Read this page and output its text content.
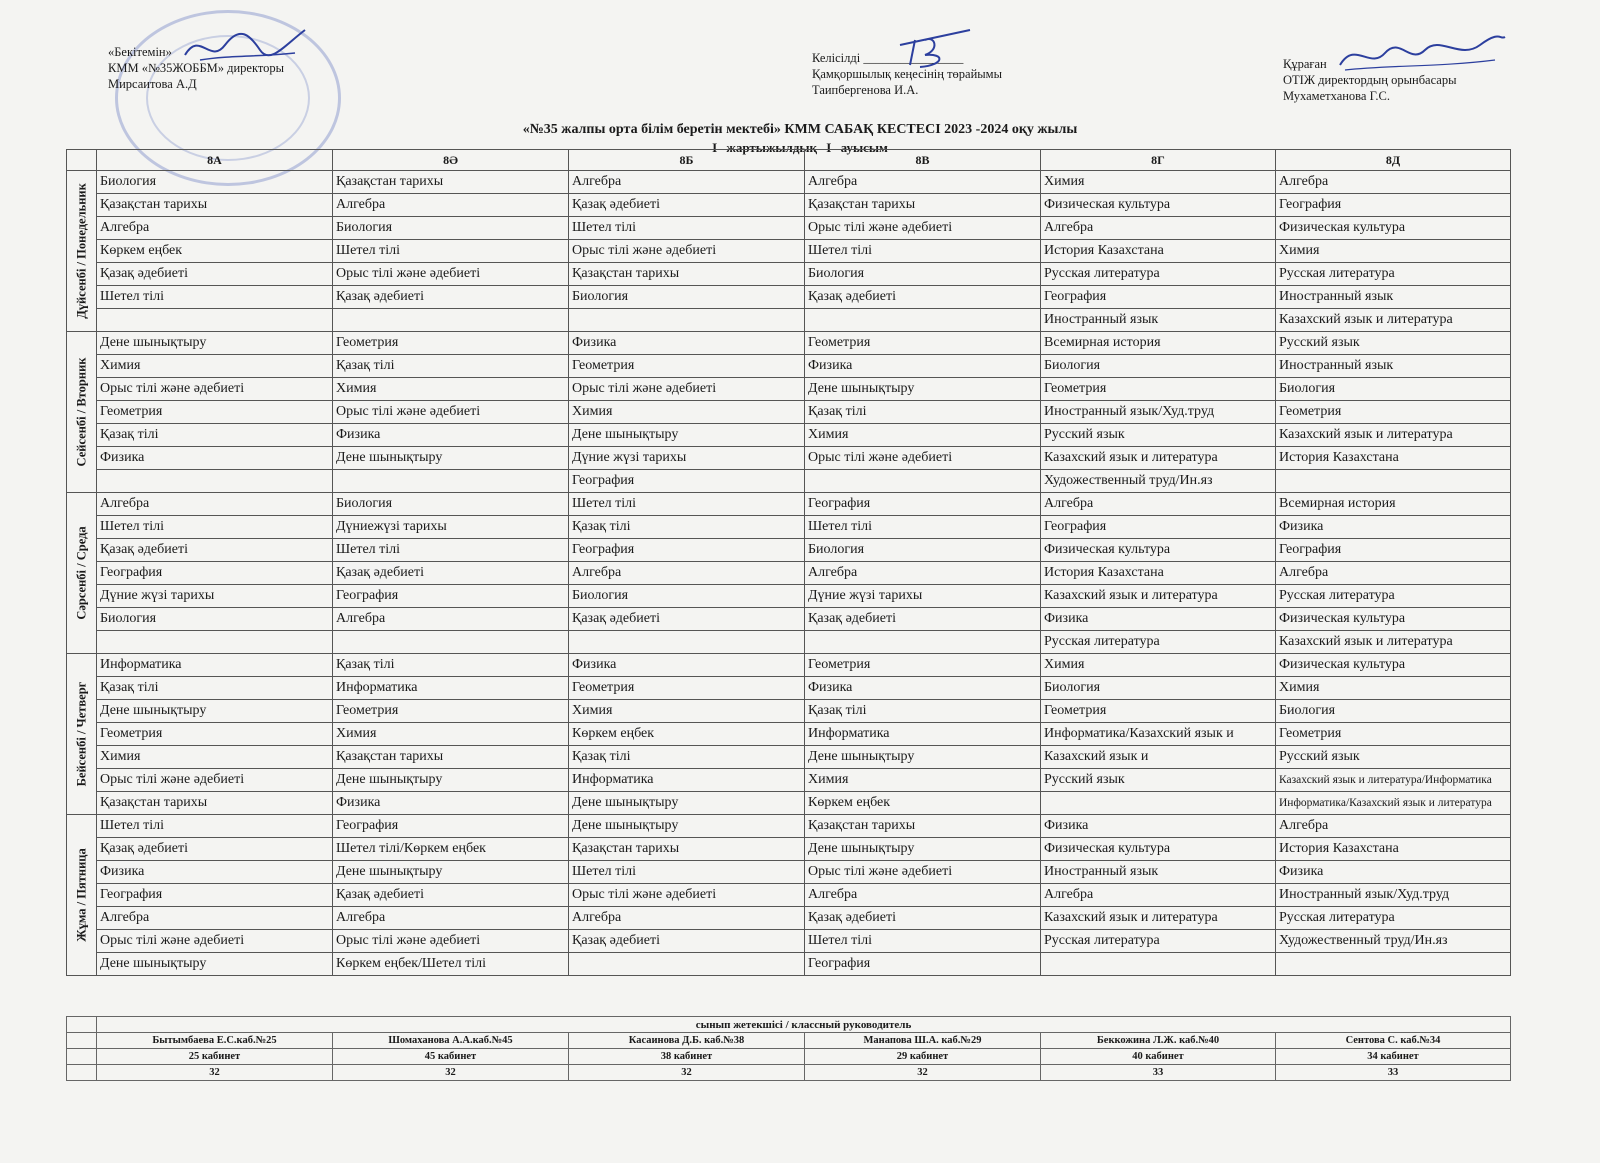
«Бекітемін»
КММ «№35ЖОББМ» директоры
Мирсаитова А.Д
Келісілді ________________
Қамқоршылық кеңесінің төрайымы
Таипбергенова И.А.
Құраған
ОТІЖ директордың орынбасары
Мухаметханова Г.С.
«№35 жалпы орта білім беретін мектебі» КММ САБАҚ КЕСТЕСІ 2023 -2024 оқу жылы
І жартыжылдық І ауысым
	8А	8Ә	8Б	8В	8Г	8Д

Дүйсенбі / Понедельник	Биология	Қазақстан тарихы	Алгебра	Алгебра	Химия	Алгебра
	Қазақстан тарихы	Алгебра	Қазақ әдебиеті	Қазақстан тарихы	Физическая культура	География
	Алгебра	Биология	Шетел тілі	Орыс тілі және әдебиеті	Алгебра	Физическая культура
	Көркем еңбек	Шетел тілі	Орыс тілі және әдебиеті	Шетел тілі	История Казахстана	Химия
	Қазақ әдебиеті	Орыс тілі және әдебиеті	Қазақстан тарихы	Биология	Русская литература	Русская литература
	Шетел тілі	Қазақ әдебиеті	Биология	Қазақ әдебиеті	География	Иностранный язык
					Иностранный язык	Казахский язык и литература

Сейсенбі / Вторник	Дене шынықтыру	Геометрия	Физика	Геометрия	Всемирная история	Русский язык
	Химия	Қазақ тілі	Геометрия	Физика	Биология	Иностранный язык
	Орыс тілі және әдебиеті	Химия	Орыс тілі және әдебиеті	Дене шынықтыру	Геометрия	Биология
	Геометрия	Орыс тілі және әдебиеті	Химия	Қазақ тілі	Иностранный язык/Худ.труд	Геометрия
	Қазақ тілі	Физика	Дене шынықтыру	Химия	Русский язык	Казахский язык и литература
	Физика	Дене шынықтыру	Дүние жүзі тарихы	Орыс тілі және әдебиеті	Казахский язык и литература	История Казахстана
			География		Художественный труд/Ин.яз	

Сәрсенбі / Среда	Алгебра	Биология	Шетел тілі	География	Алгебра	Всемирная история
	Шетел тілі	Дүниежүзі тарихы	Қазақ тілі	Шетел тілі	География	Физика
	Қазақ әдебиеті	Шетел тілі	География	Биология	Физическая культура	География
	География	Қазақ әдебиеті	Алгебра	Алгебра	История Казахстана	Алгебра
	Дүние жүзі тарихы	География	Биология	Дүние жүзі тарихы	Казахский язык и литература	Русская литература
	Биология	Алгебра	Қазақ әдебиеті	Қазақ әдебиеті	Физика	Физическая культура
					Русская литература	Казахский язык и литература

Бейсенбі / Четверг	Информатика	Қазақ тілі	Физика	Геометрия	Химия	Физическая культура
	Қазақ тілі	Информатика	Геометрия	Физика	Биология	Химия
	Дене шынықтыру	Геометрия	Химия	Қазақ тілі	Геометрия	Биология
	Геометрия	Химия	Көркем еңбек	Информатика	Информатика/Казахский язык и	Геометрия
	Химия	Қазақстан тарихы	Қазақ тілі	Дене шынықтыру	Казахский язык и	Русский язык
	Орыс тілі және әдебиеті	Дене шынықтыру	Информатика	Химия	Русский язык	Казахский язык и литература/Информатика
	Қазақстан тарихы	Физика	Дене шынықтыру	Көркем еңбек		Информатика/Казахский язык и литература

Жұма / Пятница	Шетел тілі	География	Дене шынықтыру	Қазақстан тарихы	Физика	Алгебра
	Қазақ әдебиеті	Шетел тілі/Көркем еңбек	Қазақстан тарихы	Дене шынықтыру	Физическая культура	История Казахстана
	Физика	Дене шынықтыру	Шетел тілі	Орыс тілі және әдебиеті	Иностранный язык	Физика
	География	Қазақ әдебиеті	Орыс тілі және әдебиеті	Алгебра	Алгебра	Иностранный язык/Худ.труд
	Алгебра	Алгебра	Алгебра	Қазақ әдебиеті	Казахский язык и литература	Русская литература
	Орыс тілі және әдебиеті	Орыс тілі және әдебиеті	Қазақ әдебиеті	Шетел тілі	Русская литература	Художественный труд/Ин.яз
	Дене шынықтыру	Көркем еңбек/Шетел тілі		География		
	сынып жетекшісі / классный руководитель					
	Бытымбаева Е.С.каб.№25	Шомаханова А.А.каб.№45	Касаинова Д.Б. каб.№38	Манапова Ш.А. каб.№29	Беккожина Л.Ж. каб.№40	Сентова С. каб.№34
	25 кабинет	45 кабинет	38 кабинет	29 кабинет	40 кабинет	34 кабинет
	32	32	32	32	33	33
